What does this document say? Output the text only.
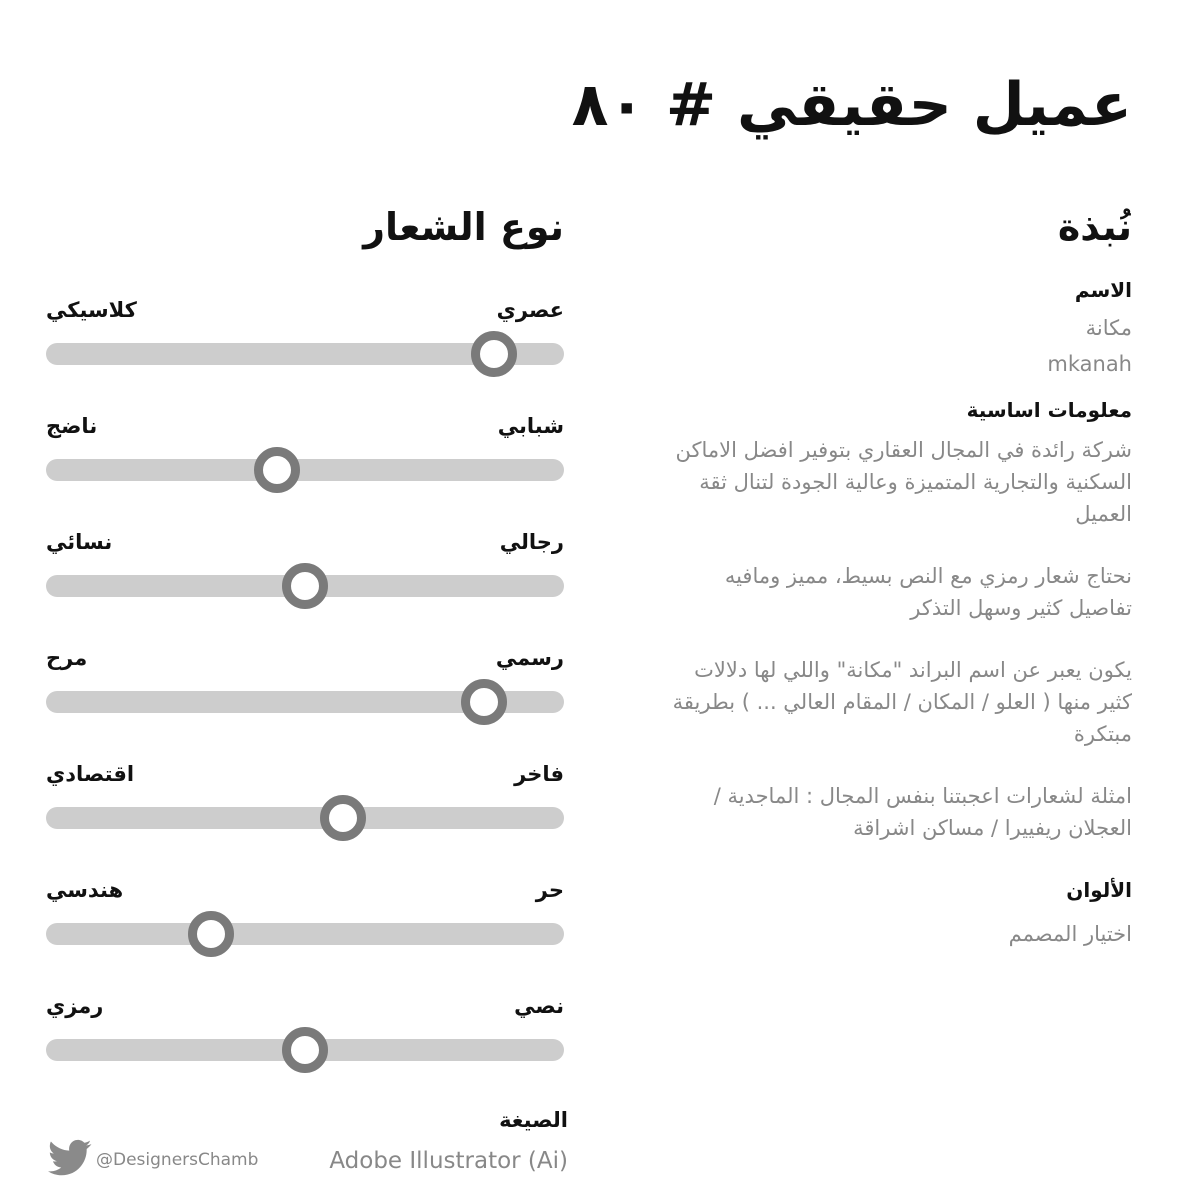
عميل حقيقي # ٨٠
نُبذة
نوع الشعار

الاسم

مكانة

mkanah

معلومات اساسية

شركة رائدة في المجال العقاري بتوفير افضل الاماكن السكنية والتجارية المتميزة وعالية الجودة لتنال ثقة العميل

نحتاج شعار رمزي مع النص بسيط، مميز ومافيه تفاصيل كثير وسهل التذكر

يكون يعبر عن اسم البراند "مكانة" واللي لها دلالات كثير منها ( العلو / المكان / المقام العالي ... ) بطريقة مبتكرة

امثلة لشعارات اعجبتنا بنفس المجال : الماجدية / العجلان ريفييرا / مساكن اشراقة

الألوان

اختيار المصمم

عصري
كلاسيكي
شبابي
ناضج
رجالي
نسائي
رسمي
مرح
فاخر
اقتصادي
حر
هندسي
نصي
رمزي
الصيغة
Adobe Illustrator (Ai)
@DesignersChamb
